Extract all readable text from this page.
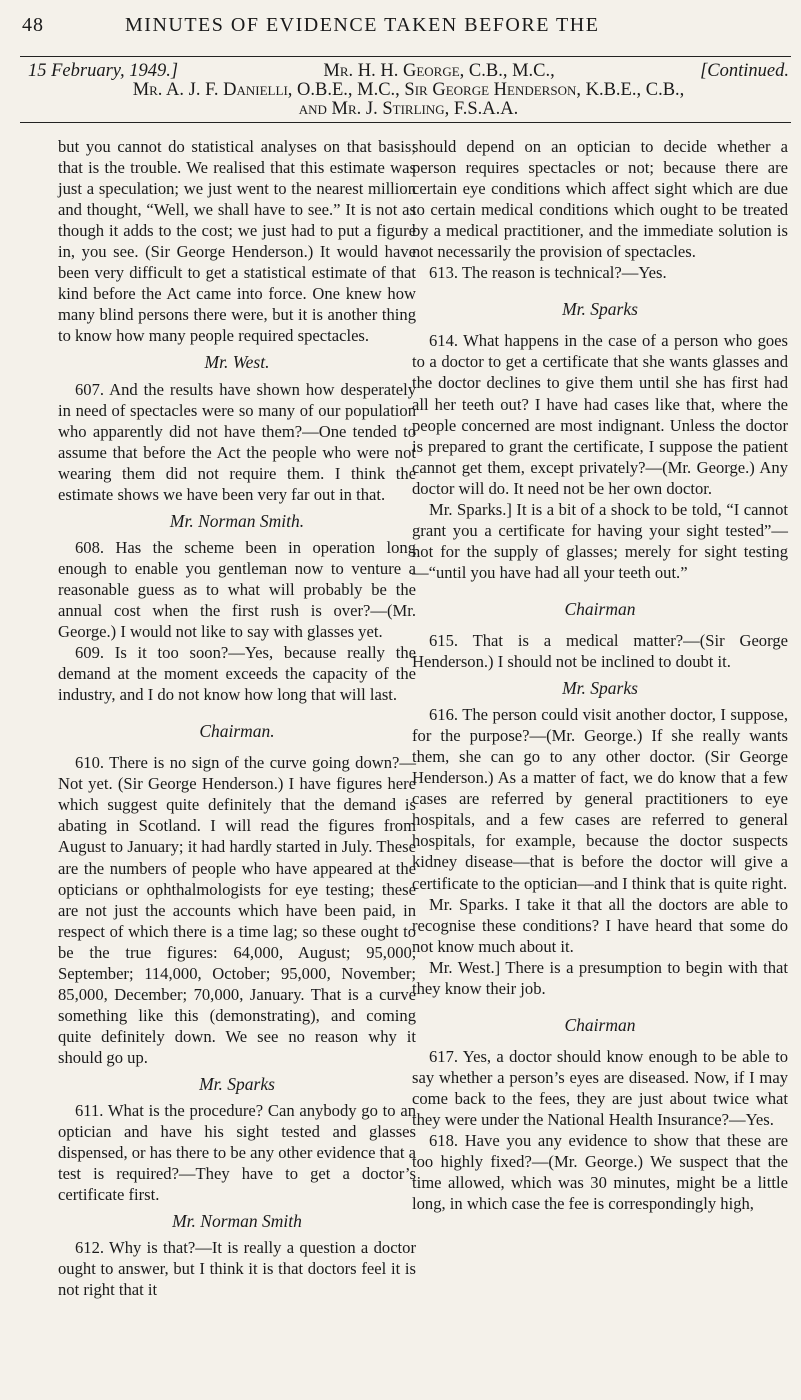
48	MINUTES OF EVIDENCE TAKEN BEFORE THE
15 February, 1949.]	Mr. H. H. George, C.B., M.C.,	[Continued.
Mr. A. J. F. Danielli, O.B.E., M.C., Sir George Henderson, K.B.E., C.B.,
and Mr. J. Stirling, F.S.A.A.

but you cannot do statistical analyses on that basis; that is the trouble. We realised that this estimate was just a speculation; we just went to the nearest million and thought, “Well, we shall have to see.” It is not as though it adds to the cost; we just had to put a figure in, you see. (Sir George Henderson.) It would have been very difficult to get a statistical estimate of that kind before the Act came into force. One knew how many blind persons there were, but it is another thing to know how many people required spectacles.

Mr. West.

607. And the results have shown how desperately in need of spectacles were so many of our population who apparently did not have them?—One tended to assume that before the Act the people who were not wearing them did not require them. I think the estimate shows we have been very far out in that.

Mr. Norman Smith.

608. Has the scheme been in operation long enough to enable you gentleman now to venture a reasonable guess as to what will probably be the annual cost when the first rush is over?—(Mr. George.) I would not like to say with glasses yet.

609. Is it too soon?—Yes, because really the demand at the moment exceeds the capacity of the industry, and I do not know how long that will last.

Chairman.

610. There is no sign of the curve going down?—Not yet. (Sir George Henderson.) I have figures here which suggest quite definitely that the demand is abating in Scotland. I will read the figures from August to January; it had hardly started in July. These are the numbers of people who have appeared at the opticians or ophthalmologists for eye testing; these are not just the accounts which have been paid, in respect of which there is a time lag; so these ought to be the true figures: 64,000, August; 95,000, September; 114,000, October; 95,000, November; 85,000, December; 70,000, January. That is a curve something like this (demonstrating), and coming quite definitely down. We see no reason why it should go up.

Mr. Sparks

611. What is the procedure? Can anybody go to an optician and have his sight tested and glasses dispensed, or has there to be any other evidence that a test is required?—They have to get a doctor’s certificate first.

Mr. Norman Smith

612. Why is that?—It is really a question a doctor ought to answer, but I think it is that doctors feel it is not right that it

should depend on an optician to decide whether a person requires spectacles or not; because there are certain eye conditions which affect sight which are due to certain medical conditions which ought to be treated by a medical practitioner, and the immediate solution is not necessarily the provision of spectacles.

613. The reason is technical?—Yes.

Mr. Sparks

614. What happens in the case of a person who goes to a doctor to get a certificate that she wants glasses and the doctor declines to give them until she has first had all her teeth out? I have had cases like that, where the people concerned are most indignant. Unless the doctor is prepared to grant the certificate, I suppose the patient cannot get them, except privately?—(Mr. George.) Any doctor will do. It need not be her own doctor.

Mr. Sparks.] It is a bit of a shock to be told, “I cannot grant you a certificate for having your sight tested”—not for the supply of glasses; merely for sight testing—“until you have had all your teeth out.”

Chairman

615. That is a medical matter?—(Sir George Henderson.) I should not be inclined to doubt it.

Mr. Sparks

616. The person could visit another doctor, I suppose, for the purpose?—(Mr. George.) If she really wants them, she can go to any other doctor. (Sir George Henderson.) As a matter of fact, we do know that a few cases are referred by general practitioners to eye hospitals, and a few cases are referred to general hospitals, for example, because the doctor suspects kidney disease—that is before the doctor will give a certificate to the optician—and I think that is quite right.

Mr. Sparks. I take it that all the doctors are able to recognise these conditions? I have heard that some do not know much about it.

Mr. West.] There is a presumption to begin with that they know their job.

Chairman

617. Yes, a doctor should know enough to be able to say whether a person’s eyes are diseased. Now, if I may come back to the fees, they are just about twice what they were under the National Health Insurance?—Yes.

618. Have you any evidence to show that these are too highly fixed?—(Mr. George.) We suspect that the time allowed, which was 30 minutes, might be a little long, in which case the fee is correspondingly high,
